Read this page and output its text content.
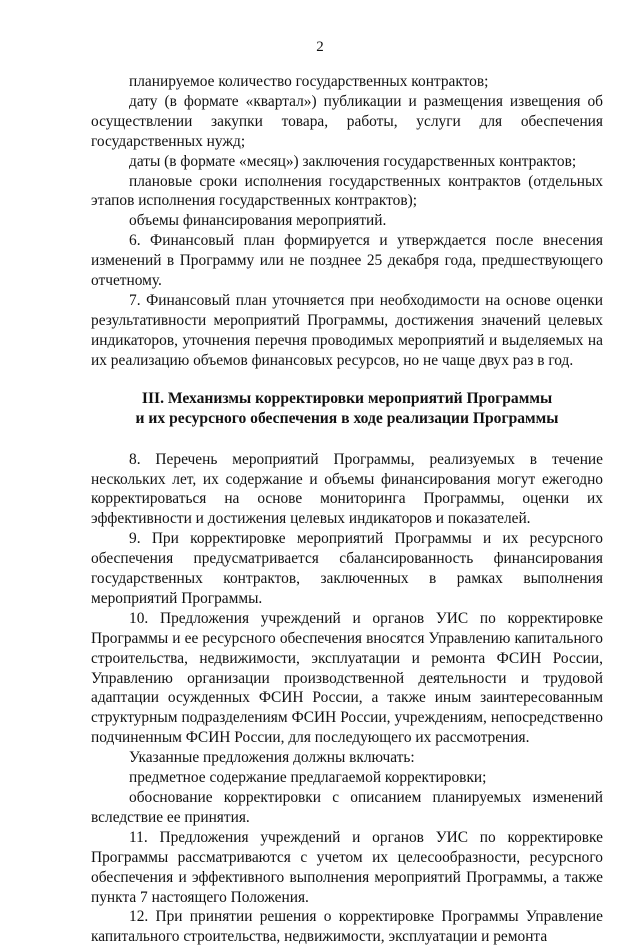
2

планируемое количество государственных контрактов;

дату (в формате «квартал») публикации и размещения извещения об осуществлении закупки товара, работы, услуги для обеспечения государственных нужд;

даты (в формате «месяц») заключения государственных контрактов;

плановые сроки исполнения государственных контрактов (отдельных этапов исполнения государственных контрактов);

объемы финансирования мероприятий.

6. Финансовый план формируется и утверждается после внесения изменений в Программу или не позднее 25 декабря года, предшествующего отчетному.

7. Финансовый план уточняется при необходимости на основе оценки результативности мероприятий Программы, достижения значений целевых индикаторов, уточнения перечня проводимых мероприятий и выделяемых на их реализацию объемов финансовых ресурсов, но не чаще двух раз в год.

III. Механизмы корректировки мероприятий Программы
и их ресурсного обеспечения в ходе реализации Программы

8. Перечень мероприятий Программы, реализуемых в течение нескольких лет, их содержание и объемы финансирования могут ежегодно корректироваться на основе мониторинга Программы, оценки их эффективности и достижения целевых индикаторов и показателей.

9. При корректировке мероприятий Программы и их ресурсного обеспечения предусматривается сбалансированность финансирования государственных контрактов, заключенных в рамках выполнения мероприятий Программы.

10. Предложения учреждений и органов УИС по корректировке Программы и ее ресурсного обеспечения вносятся Управлению капитального строительства, недвижимости, эксплуатации и ремонта ФСИН России, Управлению организации производственной деятельности и трудовой адаптации осужденных ФСИН России, а также иным заинтересованным структурным подразделениям ФСИН России, учреждениям, непосредственно подчиненным ФСИН России, для последующего их рассмотрения.

Указанные предложения должны включать:

предметное содержание предлагаемой корректировки;

обоснование корректировки с описанием планируемых изменений вследствие ее принятия.

11. Предложения учреждений и органов УИС по корректировке Программы рассматриваются с учетом их целесообразности, ресурсного обеспечения и эффективного выполнения мероприятий Программы, а также пункта 7 настоящего Положения.

12. При принятии решения о корректировке Программы Управление капитального строительства, недвижимости, эксплуатации и ремонта
